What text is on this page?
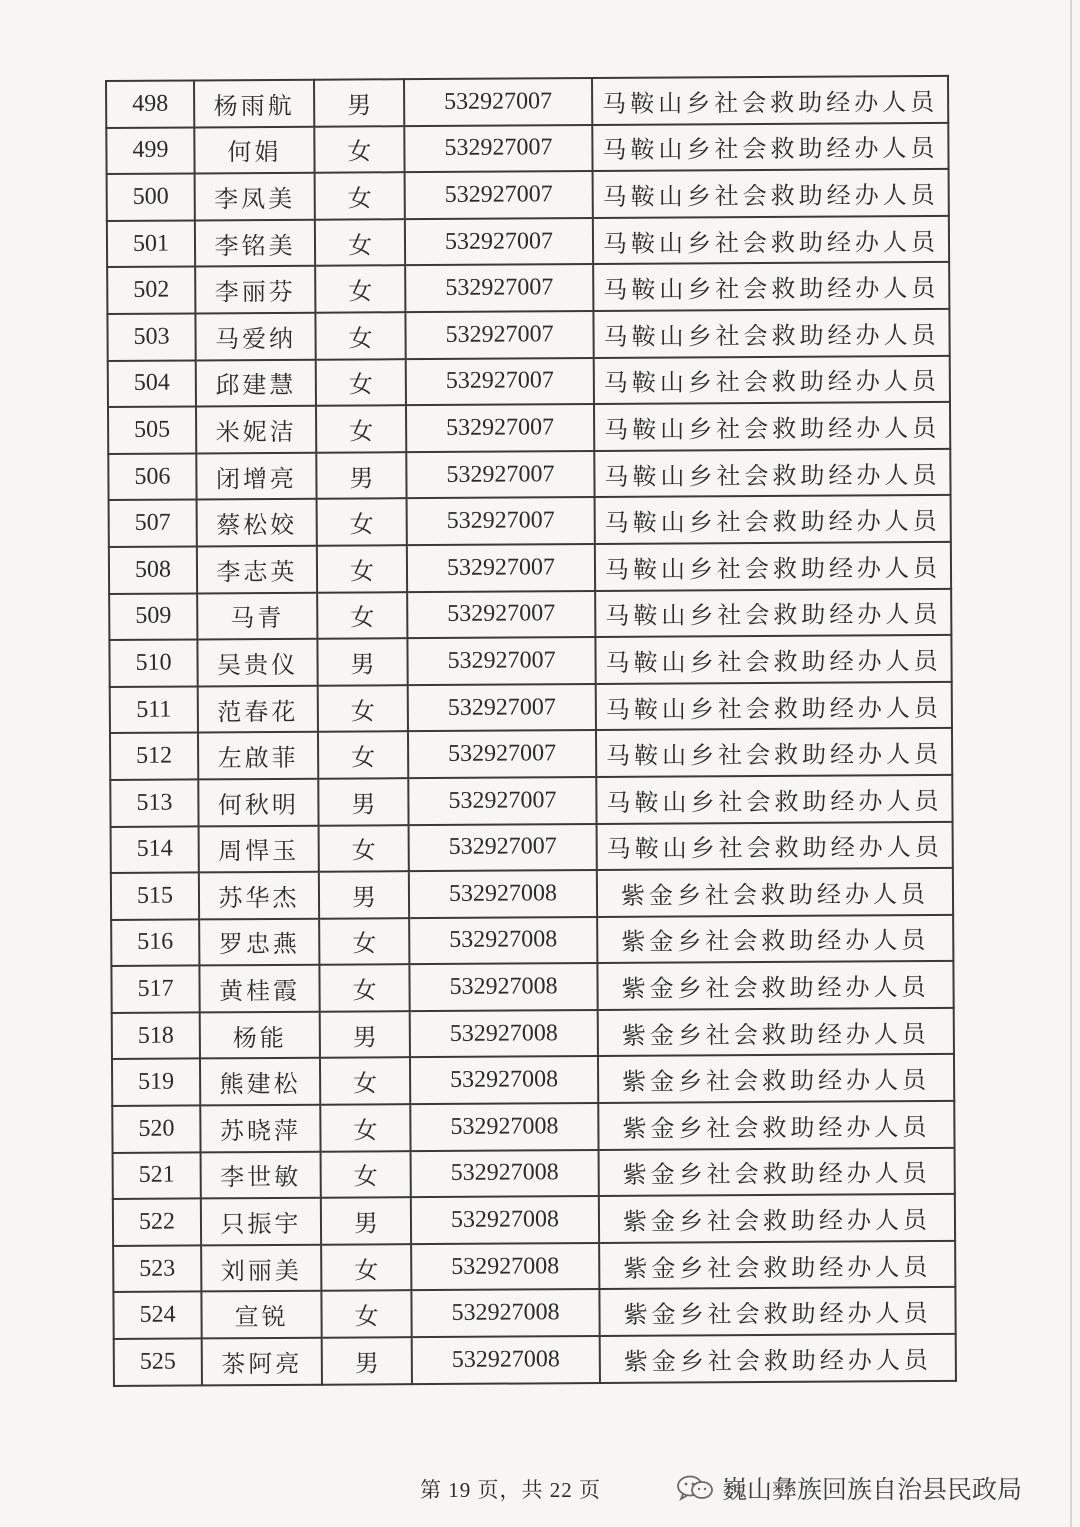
498	杨雨航	男	532927007	马鞍山乡社会救助经办人员
499	何娟	女	532927007	马鞍山乡社会救助经办人员
500	李凤美	女	532927007	马鞍山乡社会救助经办人员
501	李铭美	女	532927007	马鞍山乡社会救助经办人员
502	李丽芬	女	532927007	马鞍山乡社会救助经办人员
503	马爱纳	女	532927007	马鞍山乡社会救助经办人员
504	邱建慧	女	532927007	马鞍山乡社会救助经办人员
505	米妮洁	女	532927007	马鞍山乡社会救助经办人员
506	闭增亮	男	532927007	马鞍山乡社会救助经办人员
507	蔡松姣	女	532927007	马鞍山乡社会救助经办人员
508	李志英	女	532927007	马鞍山乡社会救助经办人员
509	马青	女	532927007	马鞍山乡社会救助经办人员
510	吴贵仪	男	532927007	马鞍山乡社会救助经办人员
511	范春花	女	532927007	马鞍山乡社会救助经办人员
512	左啟菲	女	532927007	马鞍山乡社会救助经办人员
513	何秋明	男	532927007	马鞍山乡社会救助经办人员
514	周悍玉	女	532927007	马鞍山乡社会救助经办人员
515	苏华杰	男	532927008	紫金乡社会救助经办人员
516	罗忠燕	女	532927008	紫金乡社会救助经办人员
517	黄桂霞	女	532927008	紫金乡社会救助经办人员
518	杨能	男	532927008	紫金乡社会救助经办人员
519	熊建松	女	532927008	紫金乡社会救助经办人员
520	苏晓萍	女	532927008	紫金乡社会救助经办人员
521	李世敏	女	532927008	紫金乡社会救助经办人员
522	只振宇	男	532927008	紫金乡社会救助经办人员
523	刘丽美	女	532927008	紫金乡社会救助经办人员
524	宣锐	女	532927008	紫金乡社会救助经办人员
525	茶阿亮	男	532927008	紫金乡社会救助经办人员
第 19 页，共 22 页	巍山彝族回族自治县民政局
